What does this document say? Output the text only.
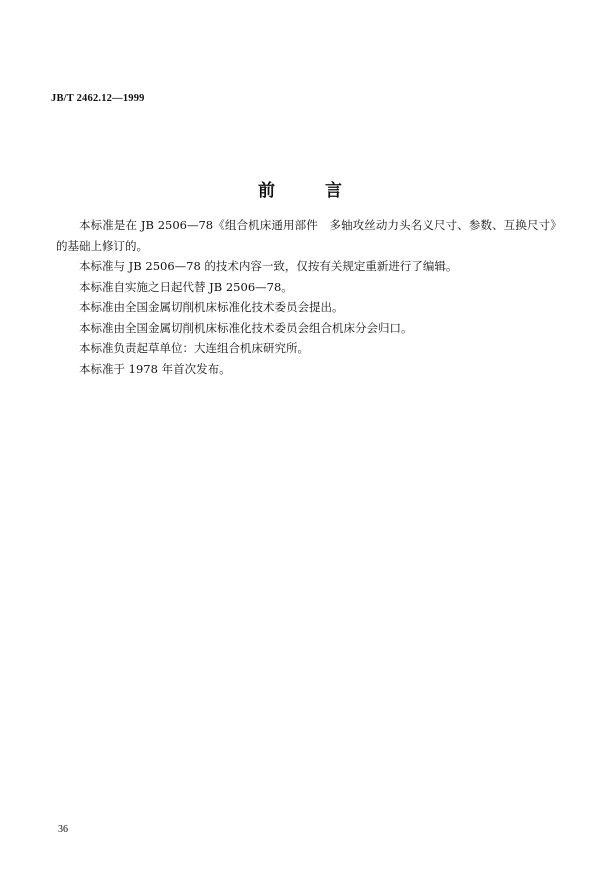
JB/T 2462.12—1999
前 言

本标准是在 JB 2506—78《组合机床通用部件　多轴攻丝动力头名义尺寸、参数、互换尺寸》的基础上修订的。

本标准与 JB 2506—78 的技术内容一致，仅按有关规定重新进行了编辑。

本标准自实施之日起代替 JB 2506—78。

本标准由全国金属切削机床标准化技术委员会提出。

本标准由全国金属切削机床标准化技术委员会组合机床分会归口。

本标准负责起草单位：大连组合机床研究所。

本标准于 1978 年首次发布。

36
